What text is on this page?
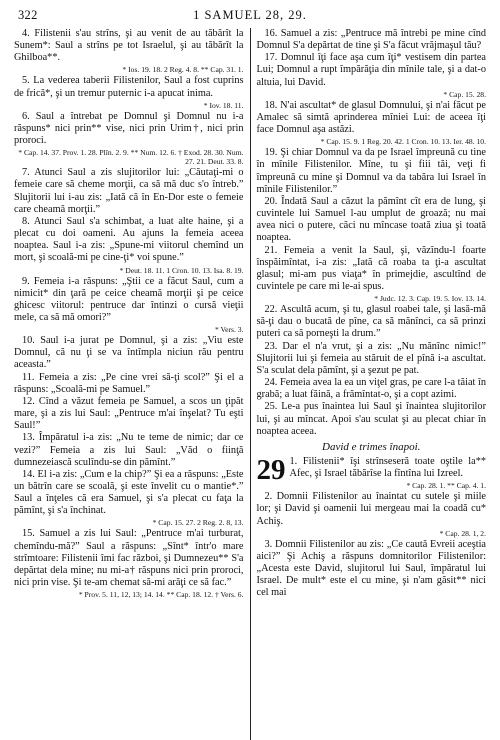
322	1 SAMUEL 28, 29.

4. Filistenii s'au strîns, şi au venit de au tăbărît la Sunem*: Saul a strîns pe tot Israelul, şi au tăbărît la Ghilboa**.

* Ios. 19. 18. 2 Reg. 4. 8. ** Cap. 31. 1.

5. La vederea taberii Filistenilor, Saul a fost cuprins de frică*, şi un tremur puternic i-a apucat inima.

* Iov. 18. 11.

6. Saul a întrebat pe Domnul şi Domnul nu i-a răspuns* nici prin** vise, nici prin Urim†, nici prin proroci.

* Cap. 14. 37. Prov. 1. 28. Plîn. 2. 9. ** Num. 12. 6. † Exod. 28. 30. Num. 27. 21. Deut. 33. 8.

7. Atunci Saul a zis slujitorilor lui: „Căutaţi-mi o femeie care să cheme morţii, ca să mă duc s'o întreb.” Slujitorii lui i-au zis: „Iată că în En-Dor este o femeie care cheamă morţii.”

8. Atunci Saul s'a schimbat, a luat alte haine, şi a plecat cu doi oameni. Au ajuns la femeia aceea noaptea. Saul i-a zis: „Spune-mi viitorul chemînd un mort, şi scoală-mi pe cine-ţi* voi spune.”

* Deut. 18. 11. 1 Cron. 10. 13. Isa. 8. 19.

9. Femeia i-a răspuns: „Ştii ce a făcut Saul, cum a nimicit* din ţară pe ceice cheamă morţii şi pe ceice ghicesc viitorul: pentruce dar întinzi o cursă vieţii mele, ca să mă omori?”

* Vers. 3.

10. Saul i-a jurat pe Domnul, şi a zis: „Viu este Domnul, că nu ţi se va întîmpla niciun rău pentru aceasta.”

11. Femeia a zis: „Pe cine vrei să-ţi scol?” Şi el a răspuns: „Scoală-mi pe Samuel.”

12. Cînd a văzut femeia pe Samuel, a scos un ţipăt mare, şi a zis lui Saul: „Pentruce m'ai înşelat? Tu eşti Saul!”

13. Împăratul i-a zis: „Nu te teme de nimic; dar ce vezi?” Femeia a zis lui Saul: „Văd o fiinţă dumnezeiască sculîndu-se din pămînt.”

14. El i-a zis: „Cum e la chip?” Şi ea a răspuns: „Este un bătrîn care se scoală, şi este învelit cu o mantie*.” Saul a înţeles că era Samuel, şi s'a plecat cu faţa la pămînt, şi s'a închinat.

* Cap. 15. 27. 2 Reg. 2. 8, 13.

15. Samuel a zis lui Saul: „Pentruce m'ai turburat, chemîndu-mă?” Saul a răspuns: „Sînt* într'o mare strîmtoare: Filistenii îmi fac război, şi Dumnezeu** S'a depărtat dela mine; nu mi-a† răspuns nici prin proroci, nici prin vise. Şi te-am chemat să-mi arăţi ce să fac.”

* Prov. 5. 11, 12, 13; 14. 14. ** Cap. 18. 12. † Vers. 6.

16. Samuel a zis: „Pentruce mă întrebi pe mine cînd Domnul S'a depărtat de tine şi S'a făcut vrăjmaşul tău?

17. Domnul îţi face aşa cum îţi* vestisem din partea Lui; Domnul a rupt împărăţia din mînile tale, şi a dat-o altuia, lui David.

* Cap. 15. 28.

18. N'ai ascultat* de glasul Domnului, şi n'ai făcut pe Amalec să simtă aprinderea mîniei Lui: de aceea îţi face Domnul aşa astăzi.

* Cap. 15. 9. 1 Reg. 20. 42. 1 Cron. 10. 13. Ier. 48. 10.

19. Şi chiar Domnul va da pe Israel împreună cu tine în mînile Filistenilor. Mîne, tu şi fiii tăi, veţi fi împreună cu mine şi Domnul va da tabăra lui Israel în mînile Filistenilor.”

20. Îndată Saul a căzut la pămînt cît era de lung, şi cuvintele lui Samuel l-au umplut de groază; nu mai avea nici o putere, căci nu mîncase toată ziua şi toată noaptea.

21. Femeia a venit la Saul, şi, văzîndu-l foarte înspăimîntat, i-a zis: „Iată că roaba ta ţi-a ascultat glasul; mi-am pus viaţa* în primejdie, ascultînd de cuvintele pe care mi le-ai spus.

* Judc. 12. 3. Cap. 19. 5. Iov. 13. 14.

22. Ascultă acum, şi tu, glasul roabei tale, şi lasă-mă să-ţi dau o bucată de pîne, ca să mănînci, ca să prinzi puteri ca să porneşti la drum.”

23. Dar el n'a vrut, şi a zis: „Nu mănînc nimic!” Slujitorii lui şi femeia au stăruit de el pînă i-a ascultat. S'a sculat dela pămînt, şi a şezut pe pat.

24. Femeia avea la ea un viţel gras, pe care l-a tăiat în grabă; a luat făină, a frămîntat-o, şi a copt azimi.

25. Le-a pus înaintea lui Saul şi înaintea slujitorilor lui, şi au mîncat. Apoi s'au sculat şi au plecat chiar în noaptea aceea.

David e trimes înapoi.

29 1. Filistenii* îşi strînseseră toate oştile la** Afec, şi Israel tăbărîse la fîntîna lui Izreel.

* Cap. 28. 1. ** Cap. 4. 1.

2. Domnii Filistenilor au înaintat cu sutele şi miile lor; şi David şi oamenii lui mergeau mai la coadă cu* Achiş.

* Cap. 28. 1, 2.

3. Domnii Filistenilor au zis: „Ce caută Evreii aceştia aici?” Şi Achiş a răspuns domnitorilor Filistenilor: „Acesta este David, slujitorul lui Saul, împăratul lui Israel. De mult* este el cu mine, şi n'am găsit** nici cel mai
